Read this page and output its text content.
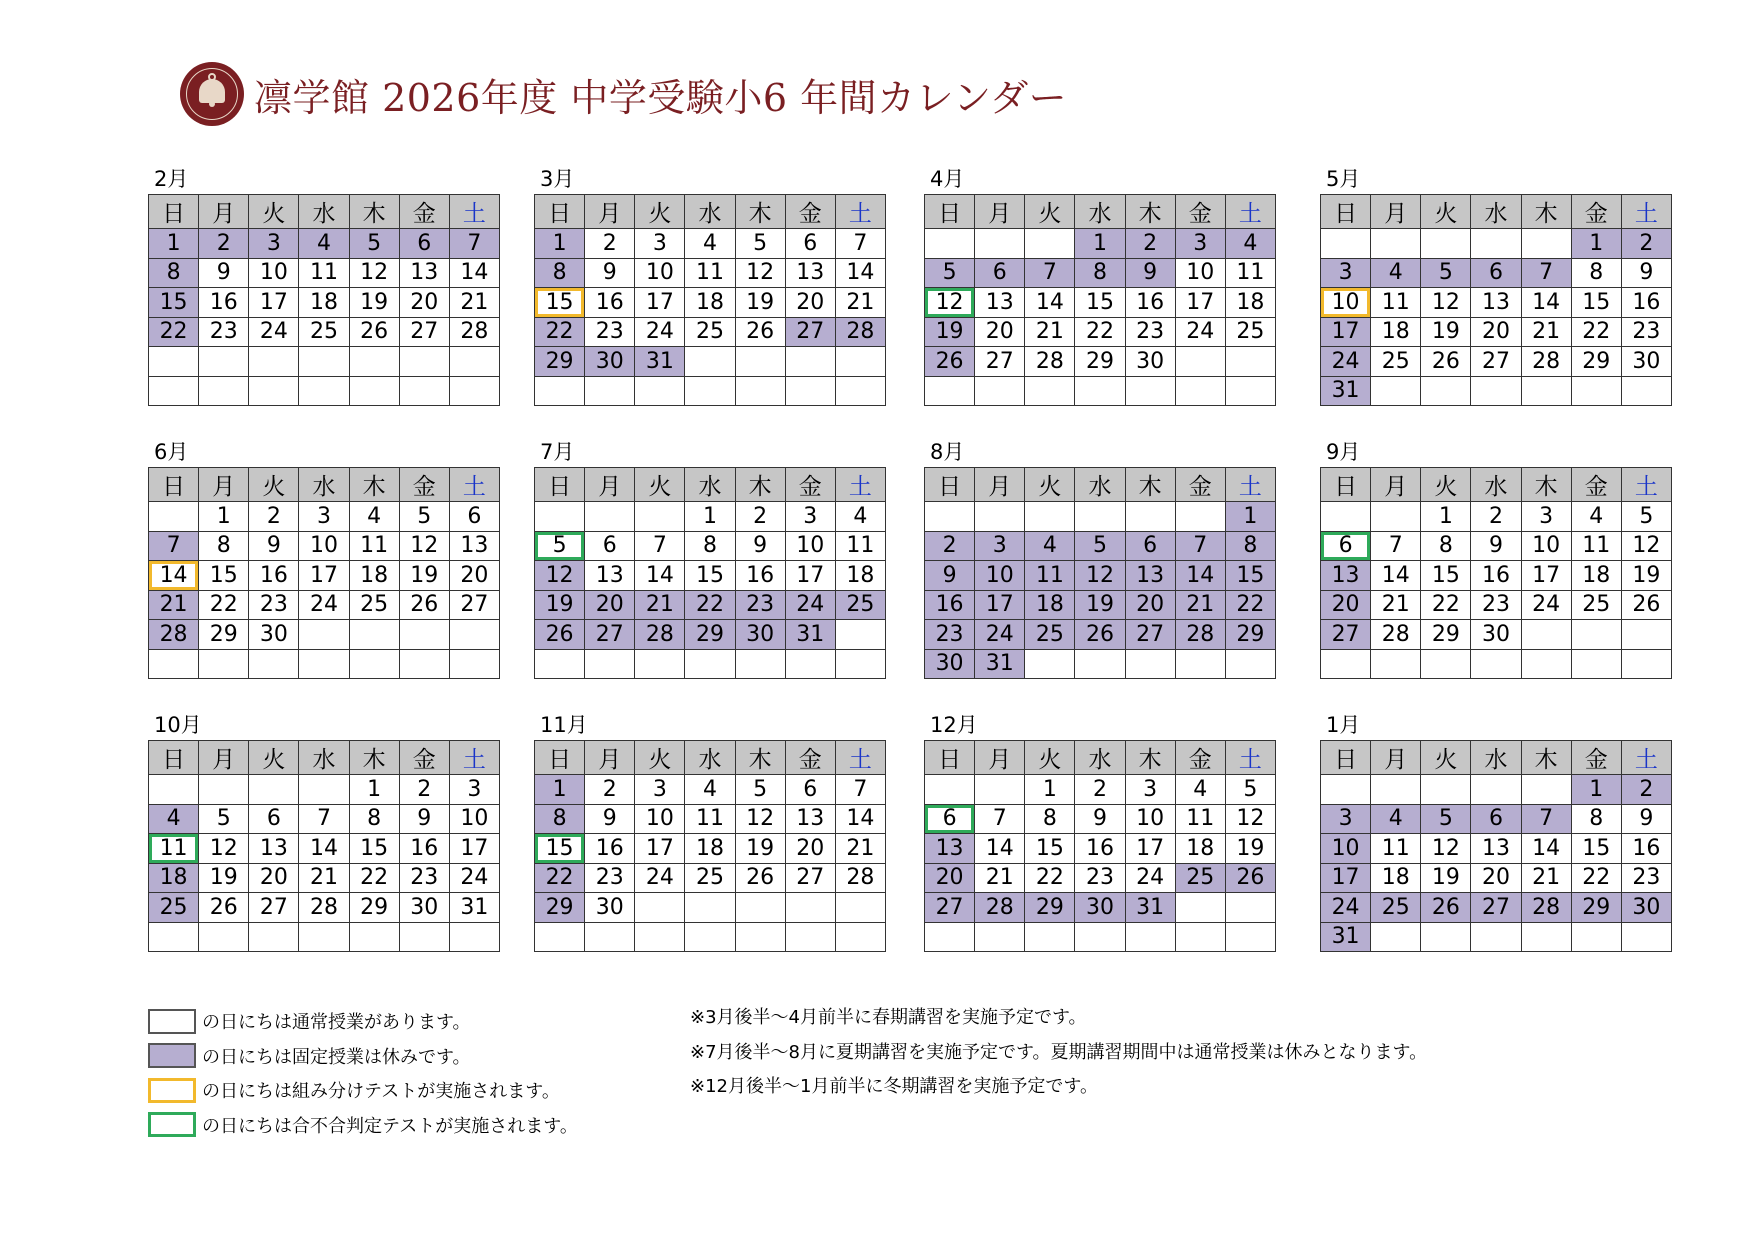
凛学館 2026年度 中学受験小6 年間カレンダー
2月
日	月	火	水	木	金	土
1	2	3	4	5	6	7
8	9	10	11	12	13	14
15	16	17	18	19	20	21
22	23	24	25	26	27	28

3月
日	月	火	水	木	金	土
1	2	3	4	5	6	7
8	9	10	11	12	13	14
15	16	17	18	19	20	21
22	23	24	25	26	27	28
29	30	31				

4月
日	月	火	水	木	金	土
			1	2	3	4
5	6	7	8	9	10	11
12	13	14	15	16	17	18
19	20	21	22	23	24	25
26	27	28	29	30		

5月
日	月	火	水	木	金	土
					1	2
3	4	5	6	7	8	9
10	11	12	13	14	15	16
17	18	19	20	21	22	23
24	25	26	27	28	29	30
31						
6月
日	月	火	水	木	金	土
	1	2	3	4	5	6
7	8	9	10	11	12	13
14	15	16	17	18	19	20
21	22	23	24	25	26	27
28	29	30				

7月
日	月	火	水	木	金	土
			1	2	3	4
5	6	7	8	9	10	11
12	13	14	15	16	17	18
19	20	21	22	23	24	25
26	27	28	29	30	31	

8月
日	月	火	水	木	金	土
						1
2	3	4	5	6	7	8
9	10	11	12	13	14	15
16	17	18	19	20	21	22
23	24	25	26	27	28	29
30	31					
9月
日	月	火	水	木	金	土
		1	2	3	4	5
6	7	8	9	10	11	12
13	14	15	16	17	18	19
20	21	22	23	24	25	26
27	28	29	30			

10月
日	月	火	水	木	金	土
				1	2	3
4	5	6	7	8	9	10
11	12	13	14	15	16	17
18	19	20	21	22	23	24
25	26	27	28	29	30	31

11月
日	月	火	水	木	金	土
1	2	3	4	5	6	7
8	9	10	11	12	13	14
15	16	17	18	19	20	21
22	23	24	25	26	27	28
29	30					

12月
日	月	火	水	木	金	土
		1	2	3	4	5
6	7	8	9	10	11	12
13	14	15	16	17	18	19
20	21	22	23	24	25	26
27	28	29	30	31		

1月
日	月	火	水	木	金	土
					1	2
3	4	5	6	7	8	9
10	11	12	13	14	15	16
17	18	19	20	21	22	23
24	25	26	27	28	29	30
31						
の日にちは通常授業があります。
の日にちは固定授業は休みです。
の日にちは組み分けテストが実施されます。
の日にちは合不合判定テストが実施されます。
※3月後半～4月前半に春期講習を実施予定です。
※7月後半～8月に夏期講習を実施予定です。夏期講習期間中は通常授業は休みとなります。
※12月後半～1月前半に冬期講習を実施予定です。
